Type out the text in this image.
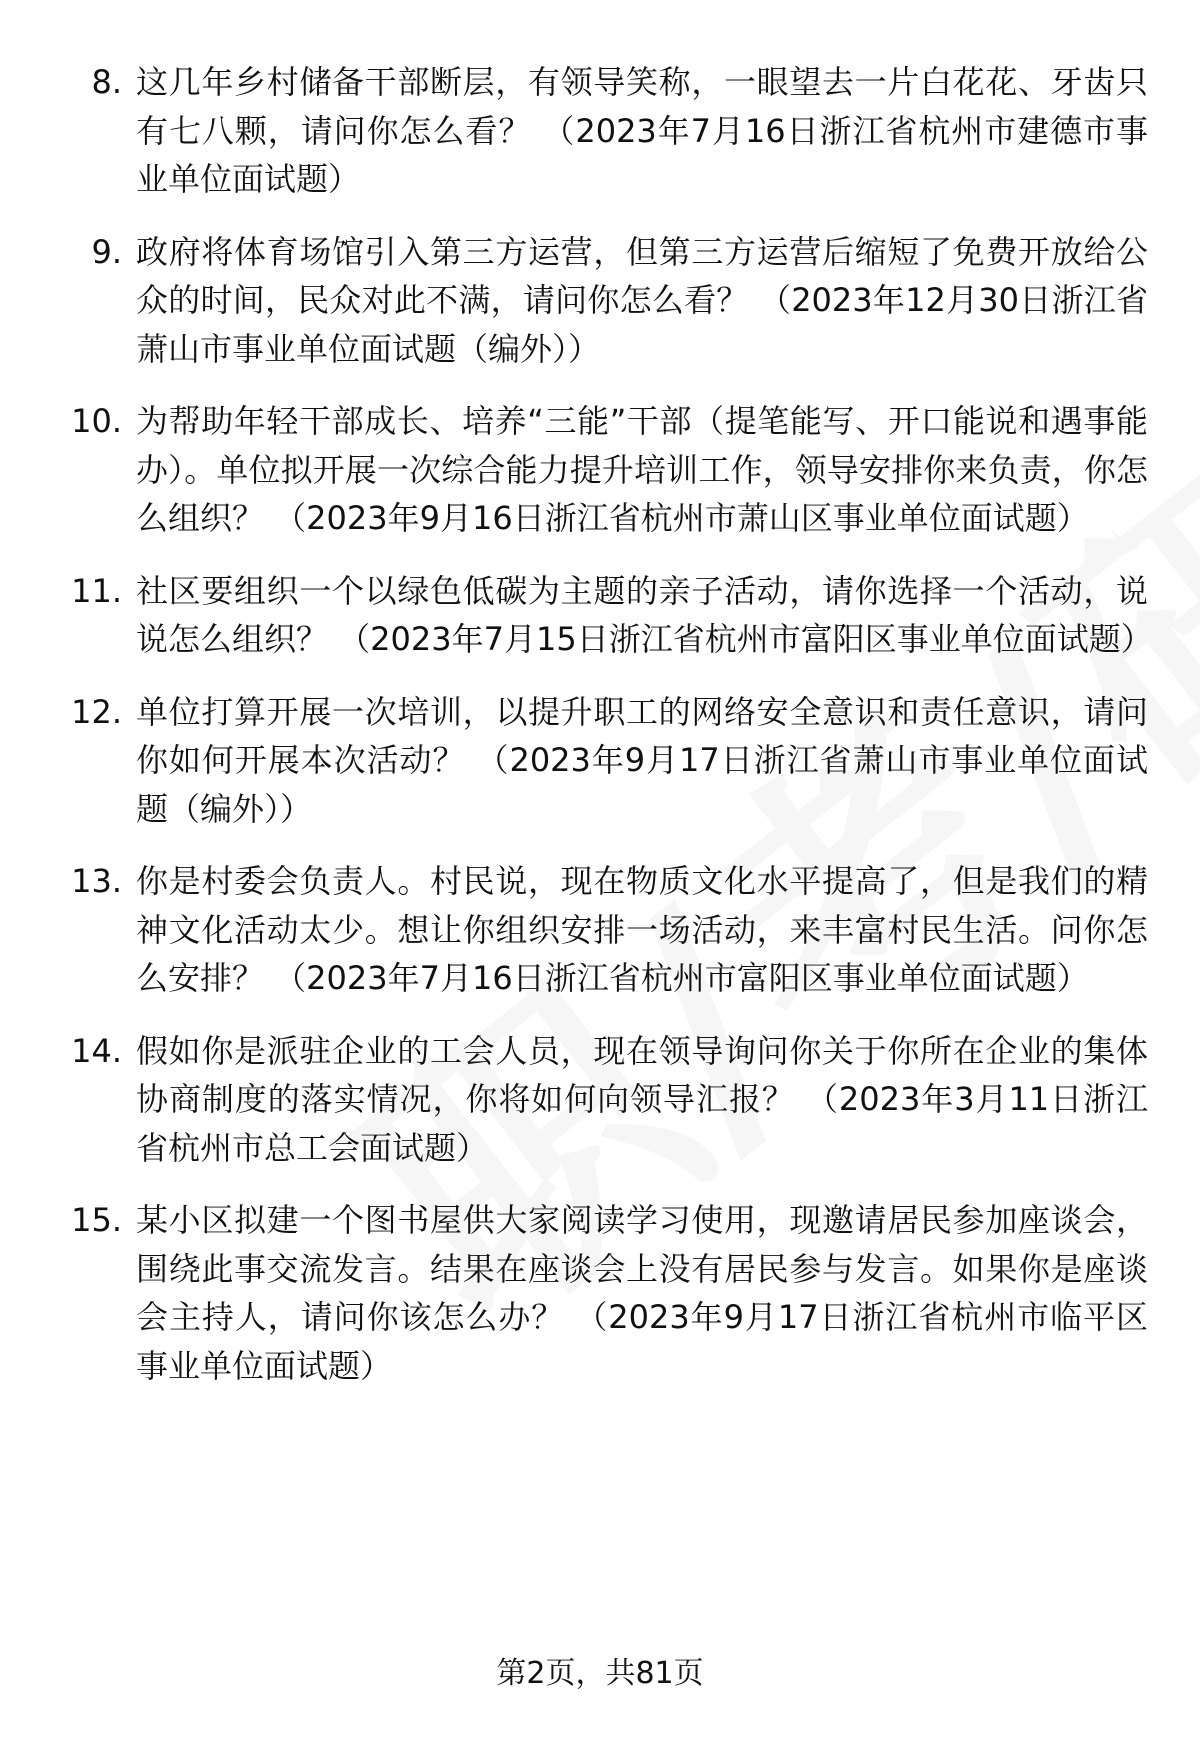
8. 这几年乡村储备干部断层，有领导笑称，一眼望去一片白花花、牙齿只有七八颗，请问你怎么看？ （2023年7月16日浙江省杭州市建德市事业单位面试题）

9. 政府将体育场馆引入第三方运营，但第三方运营后缩短了免费开放给公众的时间，民众对此不满，请问你怎么看？ （2023年12月30日浙江省萧山市事业单位面试题（编外））

10. 为帮助年轻干部成长、培养“三能”干部（提笔能写、开口能说和遇事能办）。单位拟开展一次综合能力提升培训工作，领导安排你来负责，你怎么组织？ （2023年9月16日浙江省杭州市萧山区事业单位面试题）

11. 社区要组织一个以绿色低碳为主题的亲子活动，请你选择一个活动，说说怎么组织？ （2023年7月15日浙江省杭州市富阳区事业单位面试题）

12. 单位打算开展一次培训，以提升职工的网络安全意识和责任意识，请问你如何开展本次活动？ （2023年9月17日浙江省萧山市事业单位面试题（编外））

13. 你是村委会负责人。村民说，现在物质文化水平提高了，但是我们的精神文化活动太少。想让你组织安排一场活动，来丰富村民生活。问你怎么安排？ （2023年7月16日浙江省杭州市富阳区事业单位面试题）

14. 假如你是派驻企业的工会人员，现在领导询问你关于你所在企业的集体协商制度的落实情况，你将如何向领导汇报？ （2023年3月11日浙江省杭州市总工会面试题）

15. 某小区拟建一个图书屋供大家阅读学习使用，现邀请居民参加座谈会，围绕此事交流发言。结果在座谈会上没有居民参与发言。如果你是座谈会主持人，请问你该怎么办？ （2023年9月17日浙江省杭州市临平区事业单位面试题）

第2页，共81页
